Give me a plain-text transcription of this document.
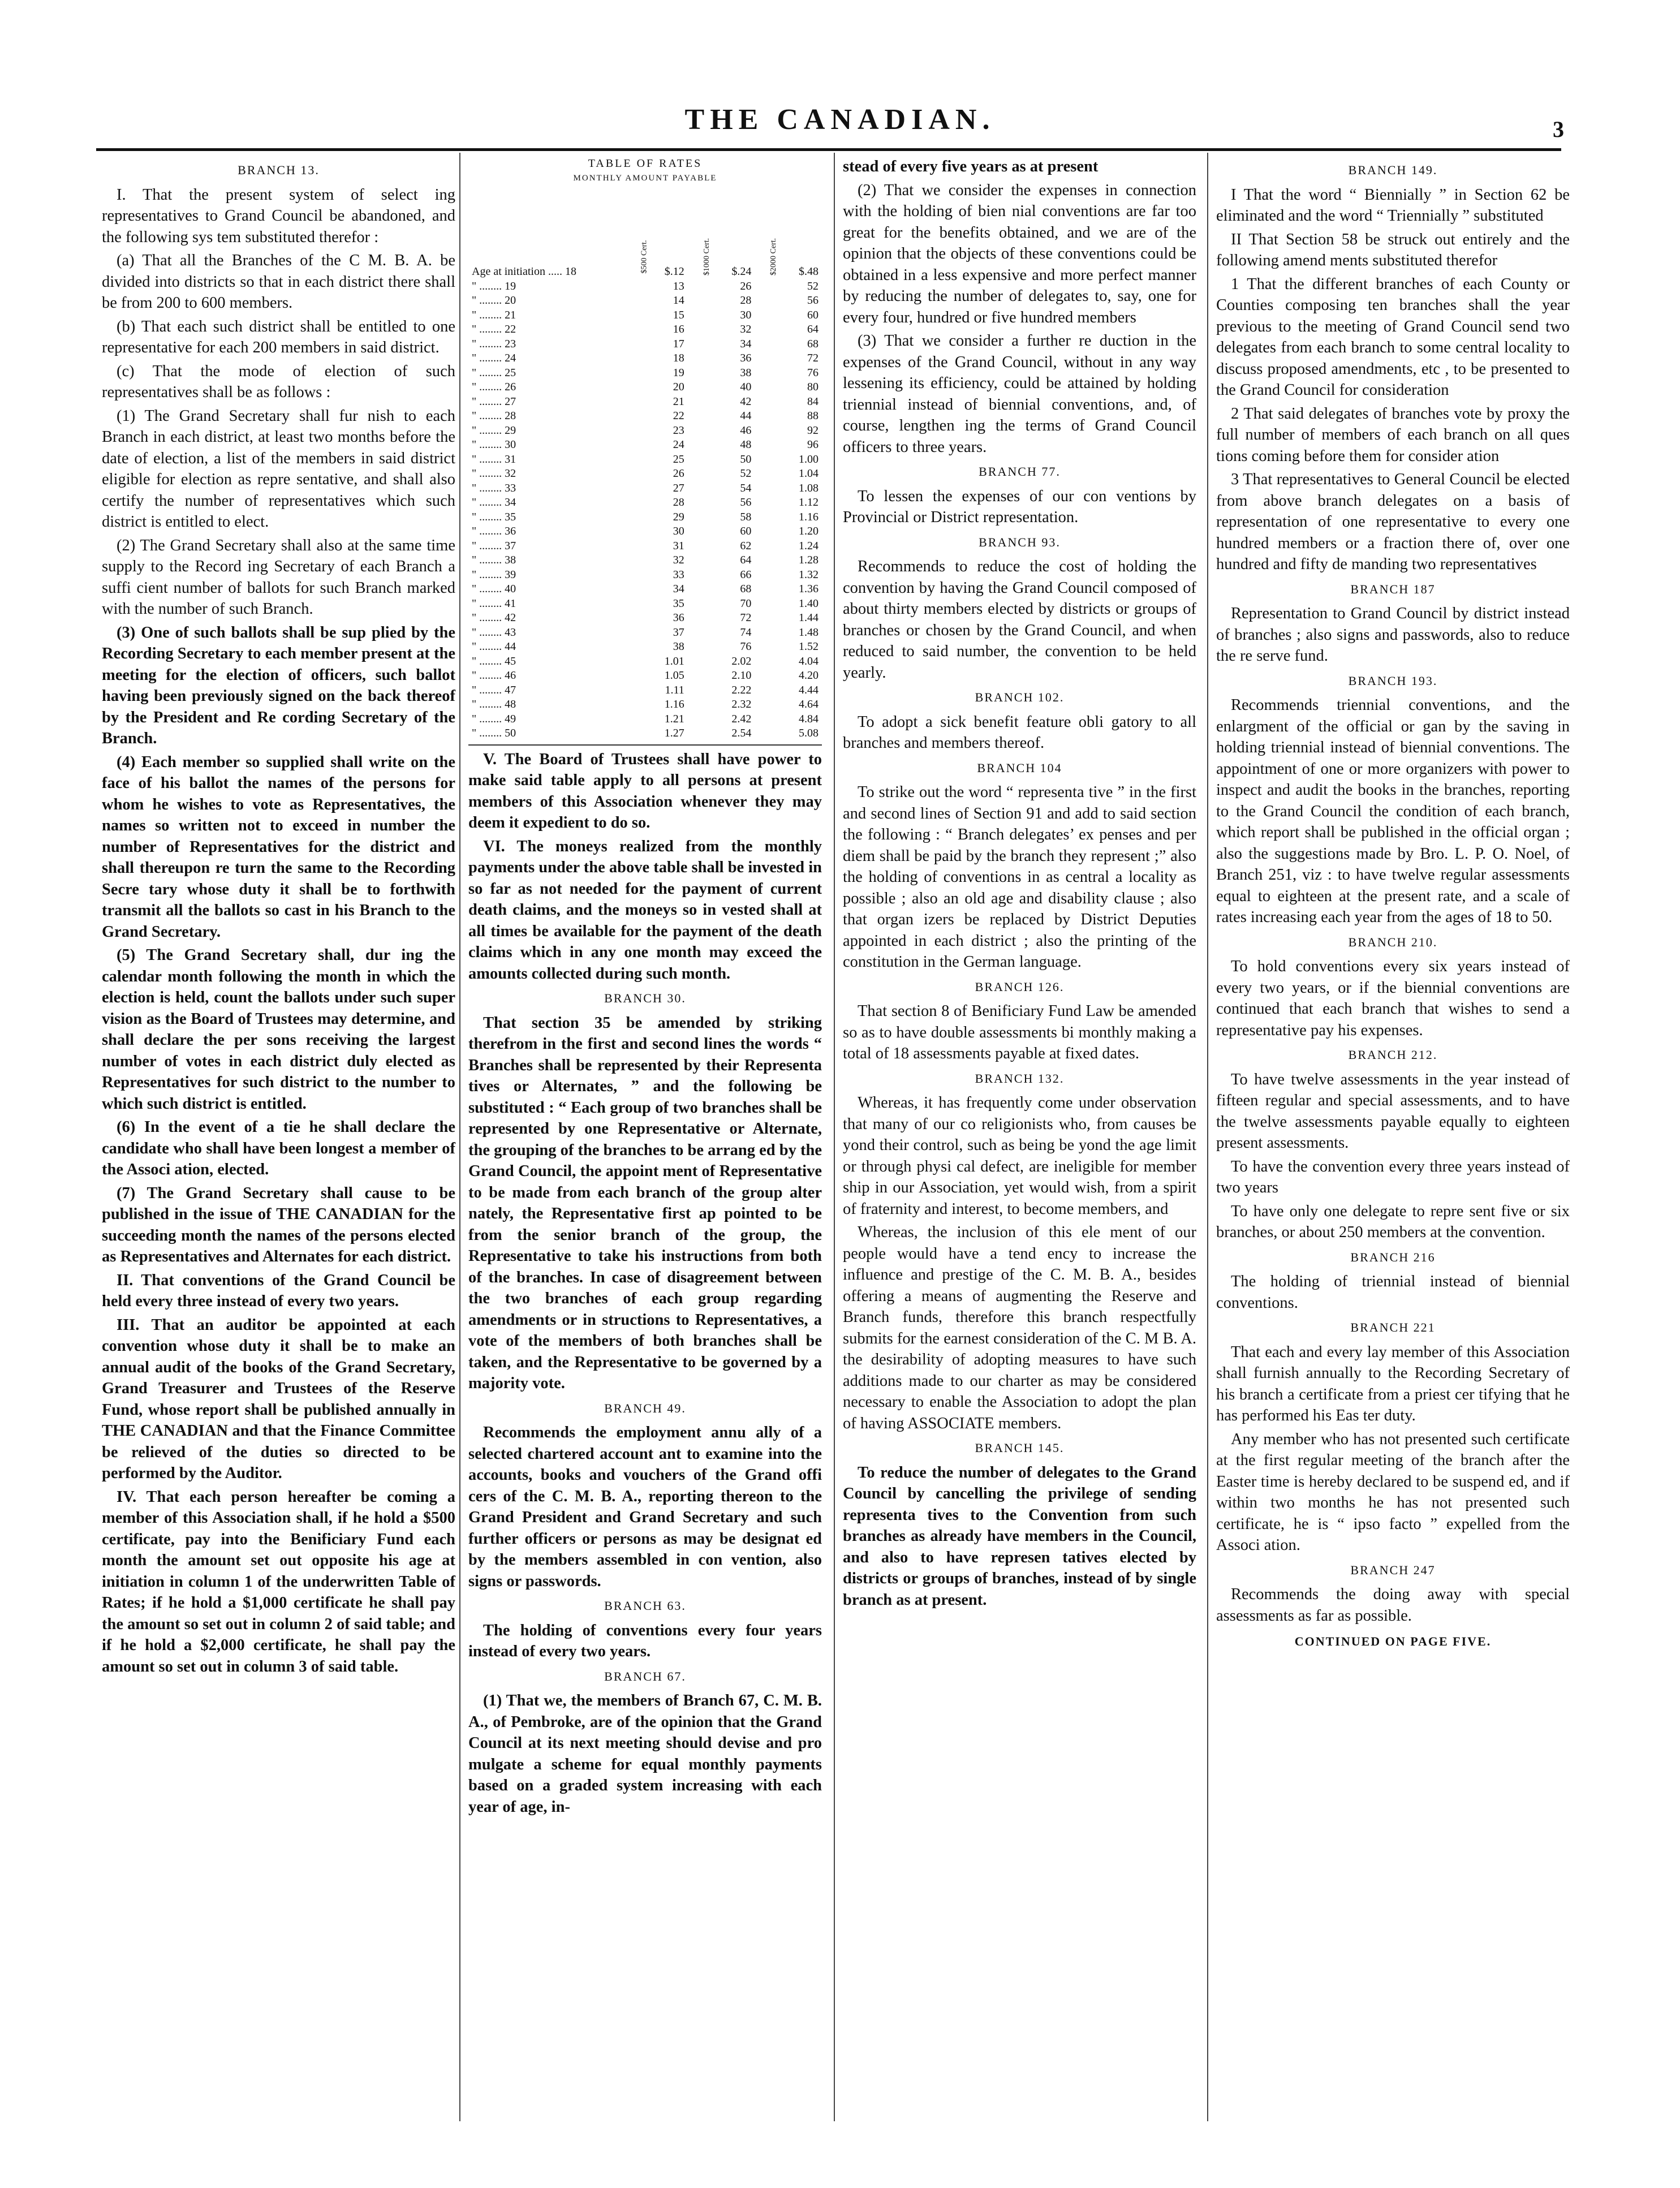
THE CANADIAN.	3
BRANCH 13.

I. That the present system of select ing representatives to Grand Council be abandoned, and the following sys tem substituted therefor :

(a) That all the Branches of the C M. B. A. be divided into districts so that in each district there shall be from 200 to 600 members.

(b) That each such district shall be entitled to one representative for each 200 members in said district.

(c) That the mode of election of such representatives shall be as follows :

(1) The Grand Secretary shall fur nish to each Branch in each district, at least two months before the date of election, a list of the members in said district eligible for election as repre sentative, and shall also certify the number of representatives which such district is entitled to elect.

(2) The Grand Secretary shall also at the same time supply to the Record ing Secretary of each Branch a suffi cient number of ballots for such Branch marked with the number of such Branch.

(3) One of such ballots shall be sup plied by the Recording Secretary to each member present at the meeting for the election of officers, such ballot having been previously signed on the back thereof by the President and Re cording Secretary of the Branch.

(4) Each member so supplied shall write on the face of his ballot the names of the persons for whom he wishes to vote as Representatives, the names so written not to exceed in number the number of Representatives for the district and shall thereupon re turn the same to the Recording Secre tary whose duty it shall be to forthwith transmit all the ballots so cast in his Branch to the Grand Secretary.

(5) The Grand Secretary shall, dur ing the calendar month following the month in which the election is held, count the ballots under such super vision as the Board of Trustees may determine, and shall declare the per sons receiving the largest number of votes in each district duly elected as Representatives for such district to the number to which such district is entitled.

(6) In the event of a tie he shall declare the candidate who shall have been longest a member of the Associ ation, elected.

(7) The Grand Secretary shall cause to be published in the issue of THE CANADIAN for the succeeding month the names of the persons elected as Representatives and Alternates for each district.

II. That conventions of the Grand Council be held every three instead of every two years.

III. That an auditor be appointed at each convention whose duty it shall be to make an annual audit of the books of the Grand Secretary, Grand Treasurer and Trustees of the Reserve Fund, whose report shall be published annually in THE CANADIAN and that the Finance Committee be relieved of the duties so directed to be performed by the Auditor.

IV. That each person hereafter be coming a member of this Association shall, if he hold a $500 certificate, pay into the Benificiary Fund each month the amount set out opposite his age at initiation in column 1 of the underwritten Table of Rates; if he hold a $1,000 certificate he shall pay the amount so set out in column 2 of said table; and if he hold a $2,000 certificate, he shall pay the amount so set out in column 3 of said table.

TABLE OF RATES
MONTHLY AMOUNT PAYABLE
	$500 Cert.	$1000 Cert.	$2000 Cert.
Age at initiation ..... 18	$.12	$.24	$.48
" ........ 19	13	26	52
" ........ 20	14	28	56
" ........ 21	15	30	60
" ........ 22	16	32	64
" ........ 23	17	34	68
" ........ 24	18	36	72
" ........ 25	19	38	76
" ........ 26	20	40	80
" ........ 27	21	42	84
" ........ 28	22	44	88
" ........ 29	23	46	92
" ........ 30	24	48	96
" ........ 31	25	50	1.00
" ........ 32	26	52	1.04
" ........ 33	27	54	1.08
" ........ 34	28	56	1.12
" ........ 35	29	58	1.16
" ........ 36	30	60	1.20
" ........ 37	31	62	1.24
" ........ 38	32	64	1.28
" ........ 39	33	66	1.32
" ........ 40	34	68	1.36
" ........ 41	35	70	1.40
" ........ 42	36	72	1.44
" ........ 43	37	74	1.48
" ........ 44	38	76	1.52
" ........ 45	1.01	2.02	4.04
" ........ 46	1.05	2.10	4.20
" ........ 47	1.11	2.22	4.44
" ........ 48	1.16	2.32	4.64
" ........ 49	1.21	2.42	4.84
" ........ 50	1.27	2.54	5.08

V. The Board of Trustees shall have power to make said table apply to all persons at present members of this Association whenever they may deem it expedient to do so.

VI. The moneys realized from the monthly payments under the above table shall be invested in so far as not needed for the payment of current death claims, and the moneys so in vested shall at all times be available for the payment of the death claims which in any one month may exceed the amounts collected during such month.

BRANCH 30.

That section 35 be amended by striking therefrom in the first and second lines the words “ Branches shall be represented by their Representa tives or Alternates, ” and the following be substituted : “ Each group of two branches shall be represented by one Representative or Alternate, the grouping of the branches to be arrang ed by the Grand Council, the appoint ment of Representative to be made from each branch of the group alter nately, the Representative first ap pointed to be from the senior branch of the group, the Representative to take his instructions from both of the branches. In case of disagreement between the two branches of each group regarding amendments or in structions to Representatives, a vote of the members of both branches shall be taken, and the Representative to be governed by a majority vote.

BRANCH 49.

Recommends the employment annu ally of a selected chartered account ant to examine into the accounts, books and vouchers of the Grand offi cers of the C. M. B. A., reporting thereon to the Grand President and Grand Secretary and such further officers or persons as may be designat ed by the members assembled in con vention, also signs or passwords.

BRANCH 63.

The holding of conventions every four years instead of every two years.

BRANCH 67.

(1) That we, the members of Branch 67, C. M. B. A., of Pembroke, are of the opinion that the Grand Council at its next meeting should devise and pro mulgate a scheme for equal monthly payments based on a graded system increasing with each year of age, in-

stead of every five years as at present

(2) That we consider the expenses in connection with the holding of bien nial conventions are far too great for the benefits obtained, and we are of the opinion that the objects of these conventions could be obtained in a less expensive and more perfect manner by reducing the number of delegates to, say, one for every four, hundred or five hundred members

(3) That we consider a further re duction in the expenses of the Grand Council, without in any way lessening its efficiency, could be attained by holding triennial instead of biennial conventions, and, of course, lengthen ing the terms of Grand Council officers to three years.

BRANCH 77.

To lessen the expenses of our con ventions by Provincial or District representation.

BRANCH 93.

Recommends to reduce the cost of holding the convention by having the Grand Council composed of about thirty members elected by districts or groups of branches or chosen by the Grand Council, and when reduced to said number, the convention to be held yearly.

BRANCH 102.

To adopt a sick benefit feature obli gatory to all branches and members thereof.

BRANCH 104

To strike out the word “ representa tive ” in the first and second lines of Section 91 and add to said section the following : “ Branch delegates’ ex penses and per diem shall be paid by the branch they represent ;” also the holding of conventions in as central a locality as possible ; also an old age and disability clause ; also that organ izers be replaced by District Deputies appointed in each district ; also the printing of the constitution in the German language.

BRANCH 126.

That section 8 of Benificiary Fund Law be amended so as to have double assessments bi monthly making a total of 18 assessments payable at fixed dates.

BRANCH 132.

Whereas, it has frequently come under observation that many of our co religionists who, from causes be yond their control, such as being be yond the age limit or through physi cal defect, are ineligible for member ship in our Association, yet would wish, from a spirit of fraternity and interest, to become members, and

Whereas, the inclusion of this ele ment of our people would have a tend ency to increase the influence and prestige of the C. M. B. A., besides offering a means of augmenting the Reserve and Branch funds, therefore this branch respectfully submits for the earnest consideration of the C. M B. A. the desirability of adopting measures to have such additions made to our charter as may be considered necessary to enable the Association to adopt the plan of having ASSOCIATE members.

BRANCH 145.

To reduce the number of delegates to the Grand Council by cancelling the privilege of sending representa tives to the Convention from such branches as already have members in the Council, and also to have represen tatives elected by districts or groups of branches, instead of by single branch as at present.

BRANCH 149.

I That the word “ Biennially ” in Section 62 be eliminated and the word “ Triennially ” substituted

II That Section 58 be struck out entirely and the following amend ments substituted therefor

1 That the different branches of each County or Counties composing ten branches shall the year previous to the meeting of Grand Council send two delegates from each branch to some central locality to discuss proposed amendments, etc , to be presented to the Grand Council for consideration

2 That said delegates of branches vote by proxy the full number of members of each branch on all ques tions coming before them for consider ation

3 That representatives to General Council be elected from above branch delegates on a basis of representation of one representative to every one hundred members or a fraction there of, over one hundred and fifty de manding two representatives

BRANCH 187

Representation to Grand Council by district instead of branches ; also signs and passwords, also to reduce the re serve fund.

BRANCH 193.

Recommends triennial conventions, and the enlargment of the official or gan by the saving in holding triennial instead of biennial conventions. The appointment of one or more organizers with power to inspect and audit the books in the branches, reporting to the Grand Council the condition of each branch, which report shall be published in the official organ ; also the suggestions made by Bro. L. P. O. Noel, of Branch 251, viz : to have twelve regular assessments equal to eighteen at the present rate, and a scale of rates increasing each year from the ages of 18 to 50.

BRANCH 210.

To hold conventions every six years instead of every two years, or if the biennial conventions are continued that each branch that wishes to send a representative pay his expenses.

BRANCH 212.

To have twelve assessments in the year instead of fifteen regular and special assessments, and to have the twelve assessments payable equally to eighteen present assessments.

To have the convention every three years instead of two years

To have only one delegate to repre sent five or six branches, or about 250 members at the convention.

BRANCH 216

The holding of triennial instead of biennial conventions.

BRANCH 221

That each and every lay member of this Association shall furnish annually to the Recording Secretary of his branch a certificate from a priest cer tifying that he has performed his Eas ter duty.

Any member who has not presented such certificate at the first regular meeting of the branch after the Easter time is hereby declared to be suspend ed, and if within two months he has not presented such certificate, he is “ ipso facto ” expelled from the Associ ation.

BRANCH 247

Recommends the doing away with special assessments as far as possible.

CONTINUED ON PAGE FIVE.
